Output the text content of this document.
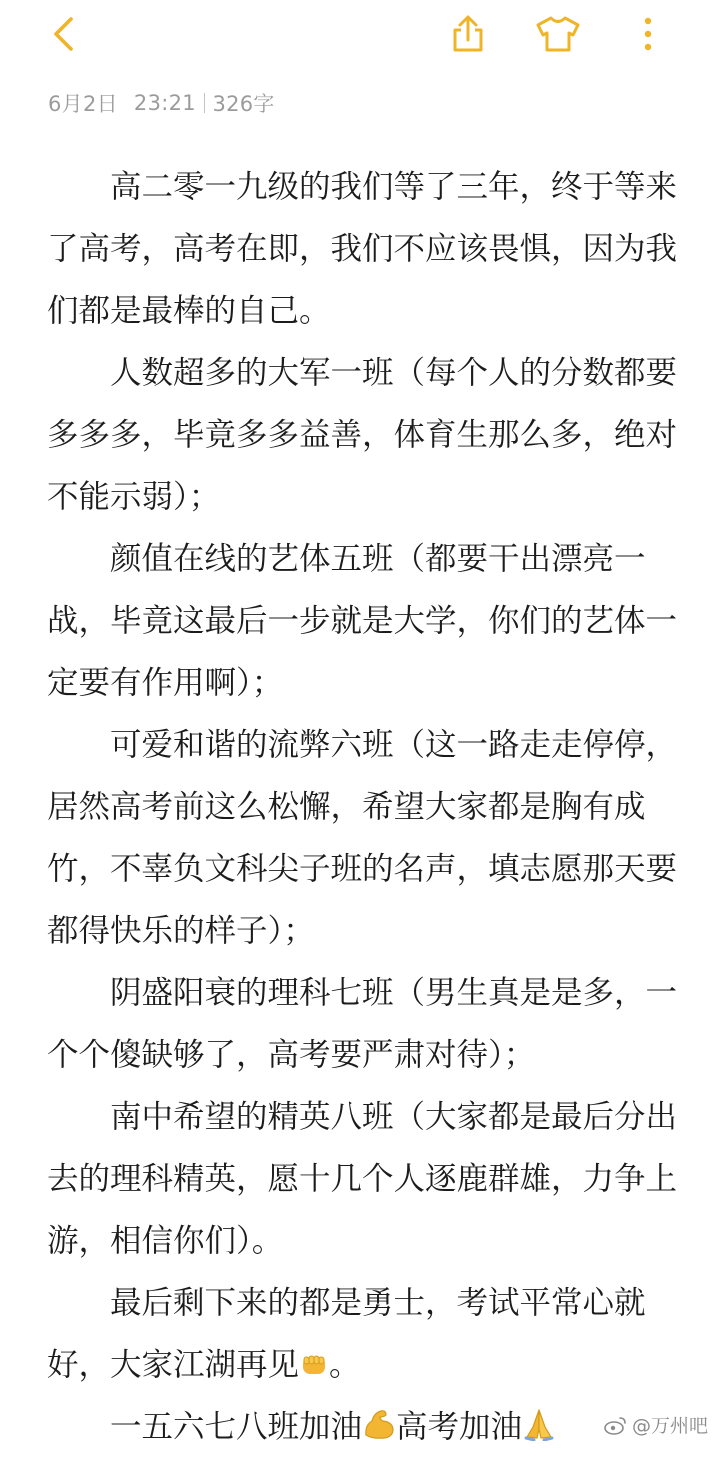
6月2日 23:21 326字

高二零一九级的我们等了三年，终于等来了高考，高考在即，我们不应该畏惧，因为我们都是最棒的自己。

人数超多的大军一班（每个人的分数都要多多多，毕竟多多益善，体育生那么多，绝对不能示弱）；

颜值在线的艺体五班（都要干出漂亮一战，毕竟这最后一步就是大学，你们的艺体一定要有作用啊）；

可爱和谐的流弊六班（这一路走走停停，居然高考前这么松懈，希望大家都是胸有成竹，不辜负文科尖子班的名声，填志愿那天要都得快乐的样子）；

阴盛阳衰的理科七班（男生真是是多，一个个傻缺够了，高考要严肃对待）；

南中希望的精英八班（大家都是最后分出去的理科精英，愿十几个人逐鹿群雄，力争上游，相信你们）。

最后剩下来的都是勇士，考试平常心就好，大家江湖再见 。

一五六七八班加油 高考加油	@万州吧
